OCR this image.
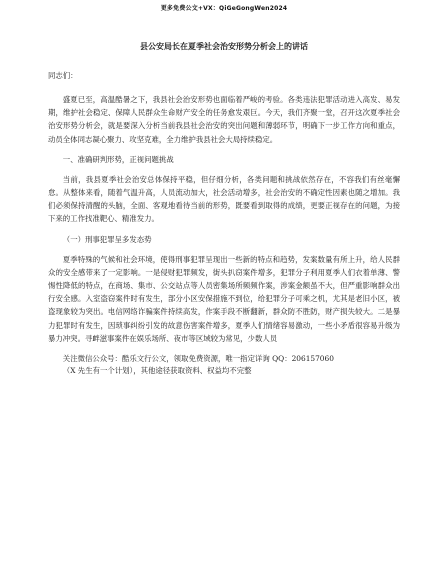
更多免费公文+VX：QiGeGongWen2024
县公安局长在夏季社会治安形势分析会上的讲话
同志们：

盛夏已至，高温酷暑之下，我县社会治安形势也面临着严峻的考验。各类违法犯罪活动进入高发、易发期，维护社会稳定、保障人民群众生命财产安全的任务愈发艰巨。今天，我们齐聚一堂，召开这次夏季社会治安形势分析会，就是要深入分析当前我县社会治安的突出问题和薄弱环节，明确下一步工作方向和重点，动员全体同志凝心聚力、攻坚克难，全力维护我县社会大局持续稳定。

一、准确研判形势，正视问题挑战

当前，我县夏季社会治安总体保持平稳，但仔细分析，各类问题和挑战依然存在，不容我们有丝毫懈怠。从整体来看，随着气温升高，人员流动加大，社会活动增多，社会治安的不确定性因素也随之增加。我们必须保持清醒的头脑，全面、客观地看待当前的形势，既要看到取得的成绩，更要正视存在的问题，为接下来的工作找准靶心、精准发力。

（一）刑事犯罪呈多发态势

夏季特殊的气候和社会环境，使得刑事犯罪呈现出一些新的特点和趋势，发案数量有所上升，给人民群众的安全感带来了一定影响。一是侵财犯罪频发，街头扒窃案件增多，犯罪分子利用夏季人们衣着单薄、警惕性降低的特点，在商场、集市、公交站点等人员密集场所频频作案，涉案金额虽不大，但严重影响群众出行安全感。入室盗窃案件时有发生，部分小区安保措施不到位，给犯罪分子可乘之机，尤其是老旧小区，被盗现象较为突出。电信网络诈骗案件持续高发，作案手段不断翻新，群众防不胜防，财产损失较大。二是暴力犯罪时有发生，因琐事纠纷引发的故意伤害案件增多，夏季人们情绪容易激动，一些小矛盾很容易升级为暴力冲突。寻衅滋事案件在娱乐场所、夜市等区域较为常见，少数人员

关注微信公众号：酷乐文行公文，领取免费资源，唯一指定详询 QQ：206157060
（X 先生有一个计划），其他途径获取资料、权益均不完整
